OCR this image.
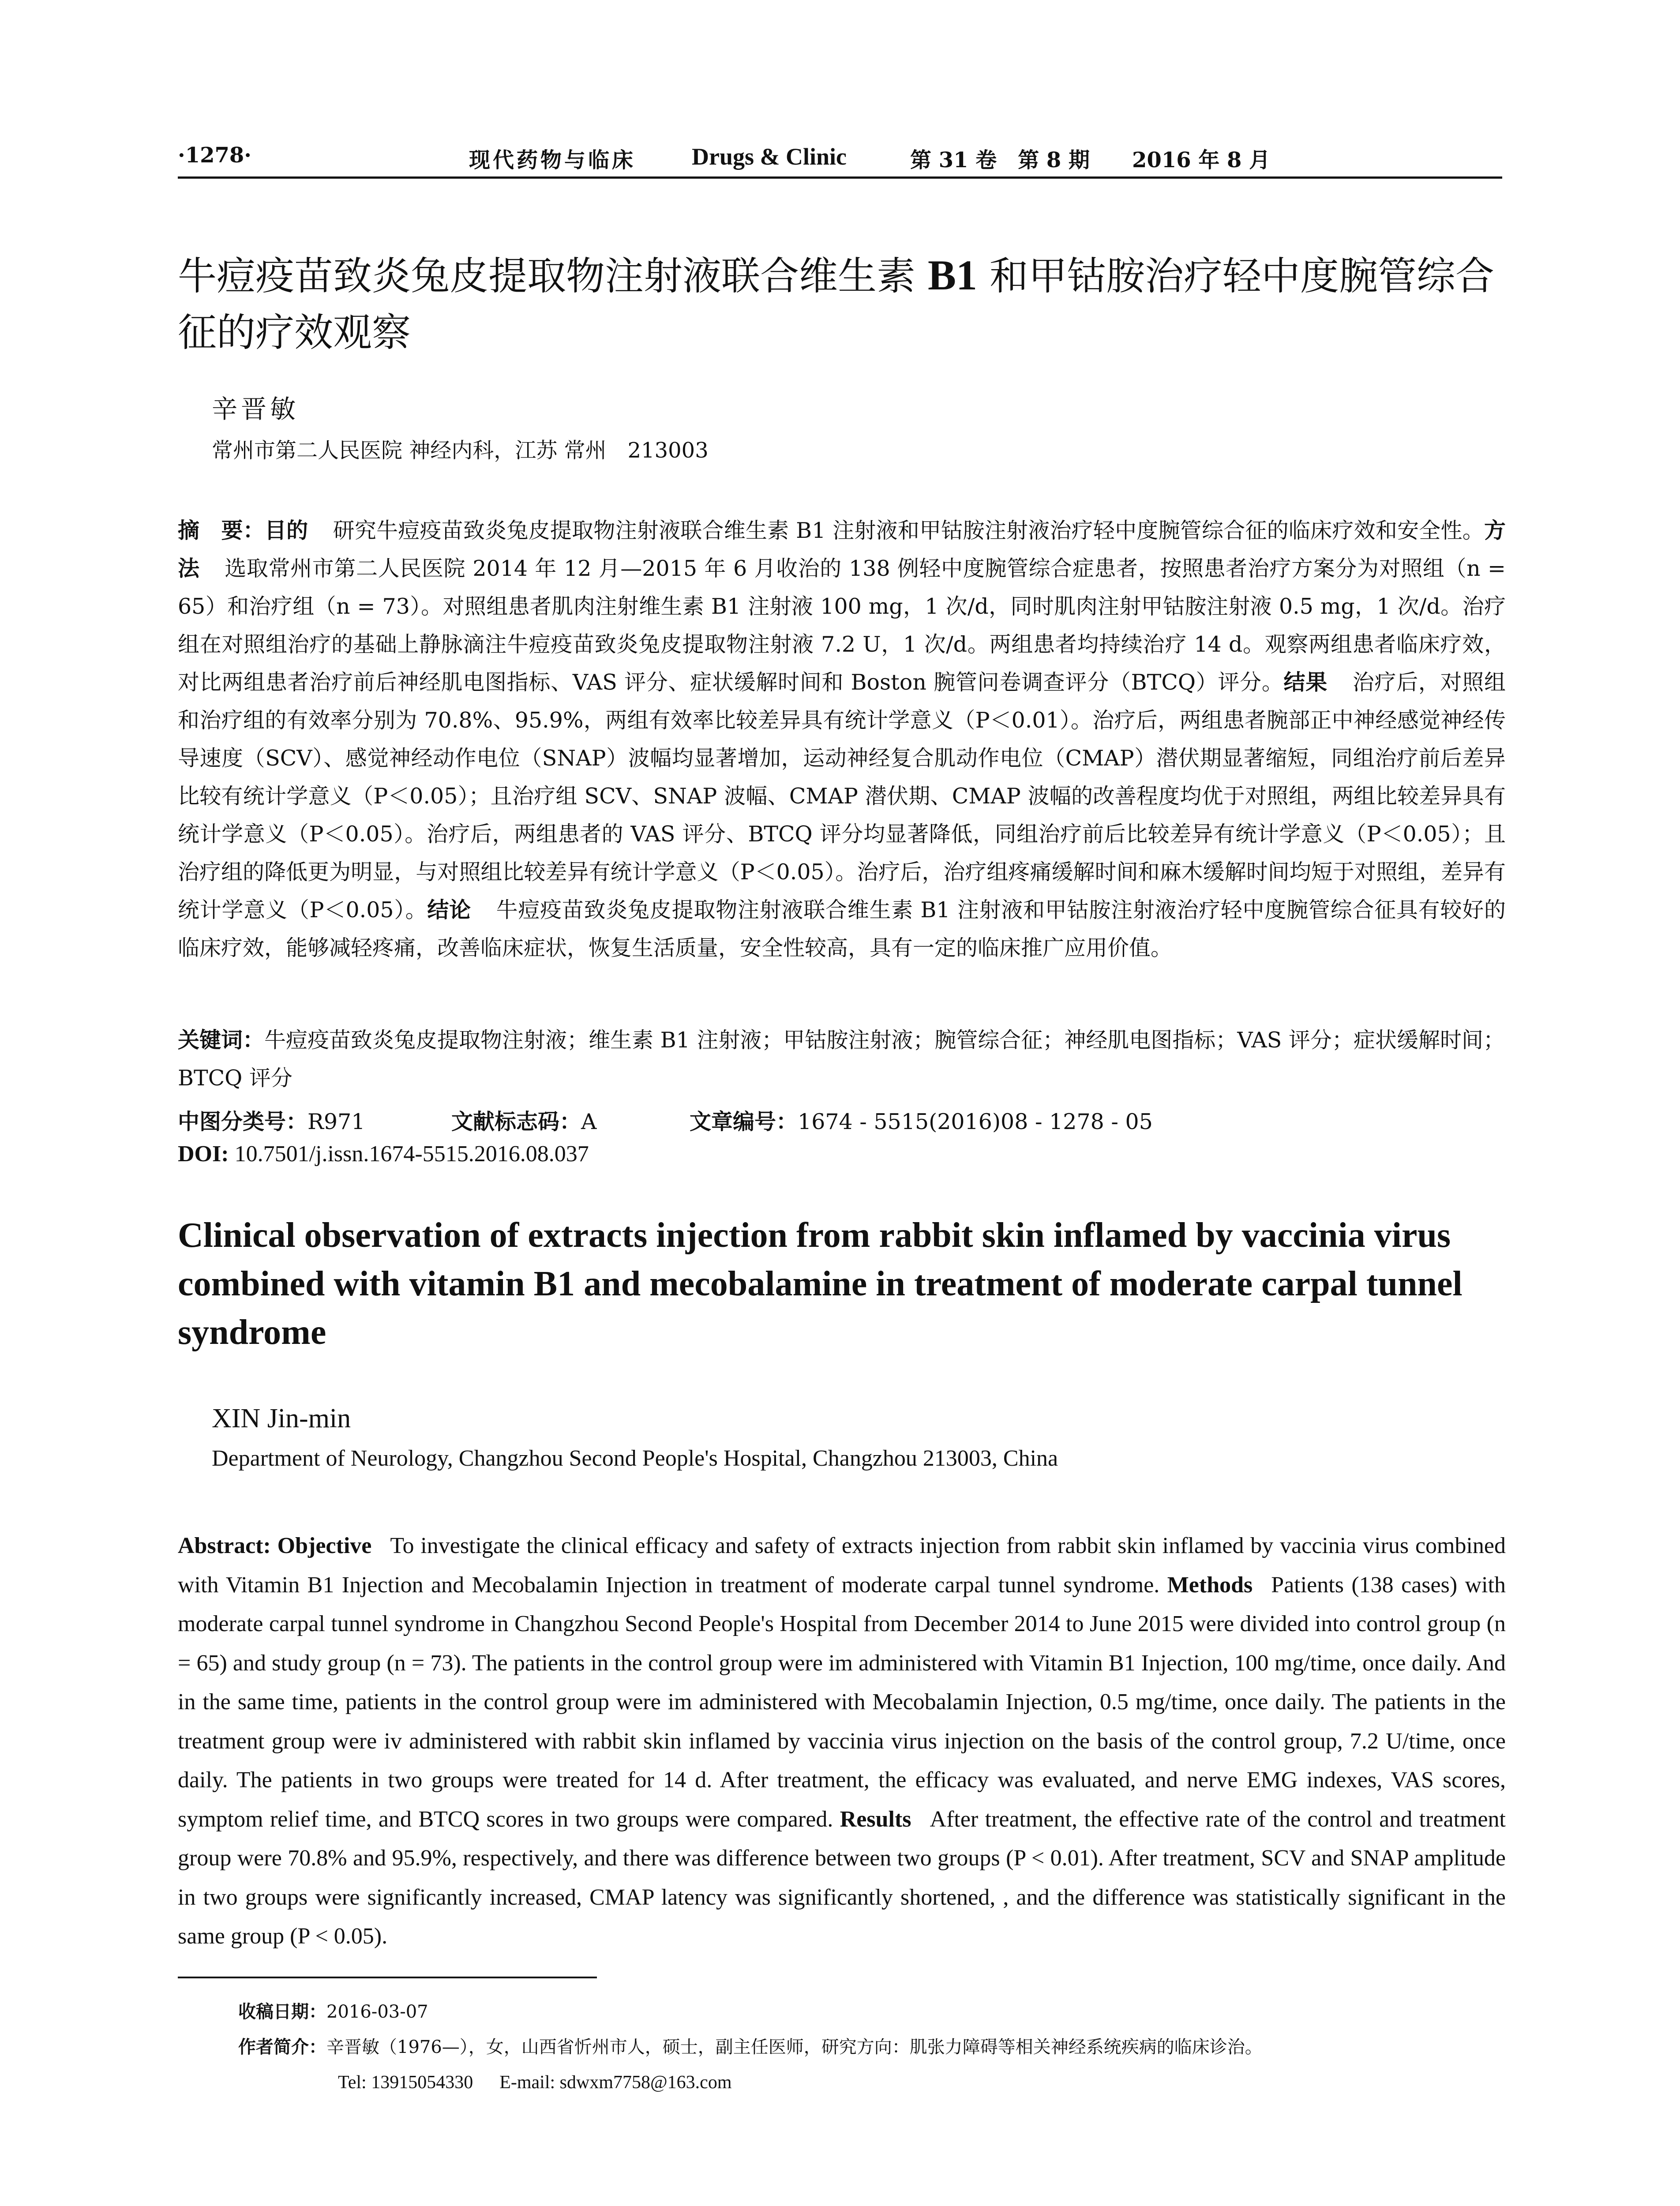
·1278·	现代药物与临床 Drugs & Clinic	第 31 卷　第 8 期　　2016 年 8 月
牛痘疫苗致炎兔皮提取物注射液联合维生素 B1 和甲钴胺治疗轻中度腕管综合征的疗效观察
辛晋敏
常州市第二人民医院 神经内科，江苏 常州　213003
摘　要：目的 研究牛痘疫苗致炎兔皮提取物注射液联合维生素 B1 注射液和甲钴胺注射液治疗轻中度腕管综合征的临床疗效和安全性。方法 选取常州市第二人民医院 2014 年 12 月—2015 年 6 月收治的 138 例轻中度腕管综合症患者，按照患者治疗方案分为对照组（n = 65）和治疗组（n = 73）。对照组患者肌肉注射维生素 B1 注射液 100 mg，1 次/d，同时肌肉注射甲钴胺注射液 0.5 mg，1 次/d。治疗组在对照组治疗的基础上静脉滴注牛痘疫苗致炎兔皮提取物注射液 7.2 U，1 次/d。两组患者均持续治疗 14 d。观察两组患者临床疗效，对比两组患者治疗前后神经肌电图指标、VAS 评分、症状缓解时间和 Boston 腕管问卷调查评分（BTCQ）评分。结果 治疗后，对照组和治疗组的有效率分别为 70.8%、95.9%，两组有效率比较差异具有统计学意义（P＜0.01）。治疗后，两组患者腕部正中神经感觉神经传导速度（SCV）、感觉神经动作电位（SNAP）波幅均显著增加，运动神经复合肌动作电位（CMAP）潜伏期显著缩短，同组治疗前后差异比较有统计学意义（P＜0.05）；且治疗组 SCV、SNAP 波幅、CMAP 潜伏期、CMAP 波幅的改善程度均优于对照组，两组比较差异具有统计学意义（P＜0.05）。治疗后，两组患者的 VAS 评分、BTCQ 评分均显著降低，同组治疗前后比较差异有统计学意义（P＜0.05）；且治疗组的降低更为明显，与对照组比较差异有统计学意义（P＜0.05）。治疗后，治疗组疼痛缓解时间和麻木缓解时间均短于对照组，差异有统计学意义（P＜0.05）。结论 牛痘疫苗致炎兔皮提取物注射液联合维生素 B1 注射液和甲钴胺注射液治疗轻中度腕管综合征具有较好的临床疗效，能够减轻疼痛，改善临床症状，恢复生活质量，安全性较高，具有一定的临床推广应用价值。
关键词：牛痘疫苗致炎兔皮提取物注射液；维生素 B1 注射液；甲钴胺注射液；腕管综合征；神经肌电图指标；VAS 评分；症状缓解时间；BTCQ 评分
中图分类号：R971	文献标志码：A	文章编号：1674 - 5515(2016)08 - 1278 - 05
DOI: 10.7501/j.issn.1674-5515.2016.08.037
Clinical observation of extracts injection from rabbit skin inflamed by vaccinia virus combined with vitamin B1 and mecobalamine in treatment of moderate carpal tunnel syndrome
XIN Jin-min
Department of Neurology, Changzhou Second People's Hospital, Changzhou 213003, China
Abstract: Objective To investigate the clinical efficacy and safety of extracts injection from rabbit skin inflamed by vaccinia virus combined with Vitamin B1 Injection and Mecobalamin Injection in treatment of moderate carpal tunnel syndrome. Methods Patients (138 cases) with moderate carpal tunnel syndrome in Changzhou Second People's Hospital from December 2014 to June 2015 were divided into control group (n = 65) and study group (n = 73). The patients in the control group were im administered with Vitamin B1 Injection, 100 mg/time, once daily. And in the same time, patients in the control group were im administered with Mecobalamin Injection, 0.5 mg/time, once daily. The patients in the treatment group were iv administered with rabbit skin inflamed by vaccinia virus injection on the basis of the control group, 7.2 U/time, once daily. The patients in two groups were treated for 14 d. After treatment, the efficacy was evaluated, and nerve EMG indexes, VAS scores, symptom relief time, and BTCQ scores in two groups were compared. Results After treatment, the effective rate of the control and treatment group were 70.8% and 95.9%, respectively, and there was difference between two groups (P < 0.01). After treatment, SCV and SNAP amplitude in two groups were significantly increased, CMAP latency was significantly shortened, , and the difference was statistically significant in the same group (P < 0.05).
收稿日期：2016-03-07
作者简介：辛晋敏（1976—），女，山西省忻州市人，硕士，副主任医师，研究方向：肌张力障碍等相关神经系统疾病的临床诊治。
Tel: 13915054330 E-mail: sdwxm7758@163.com
